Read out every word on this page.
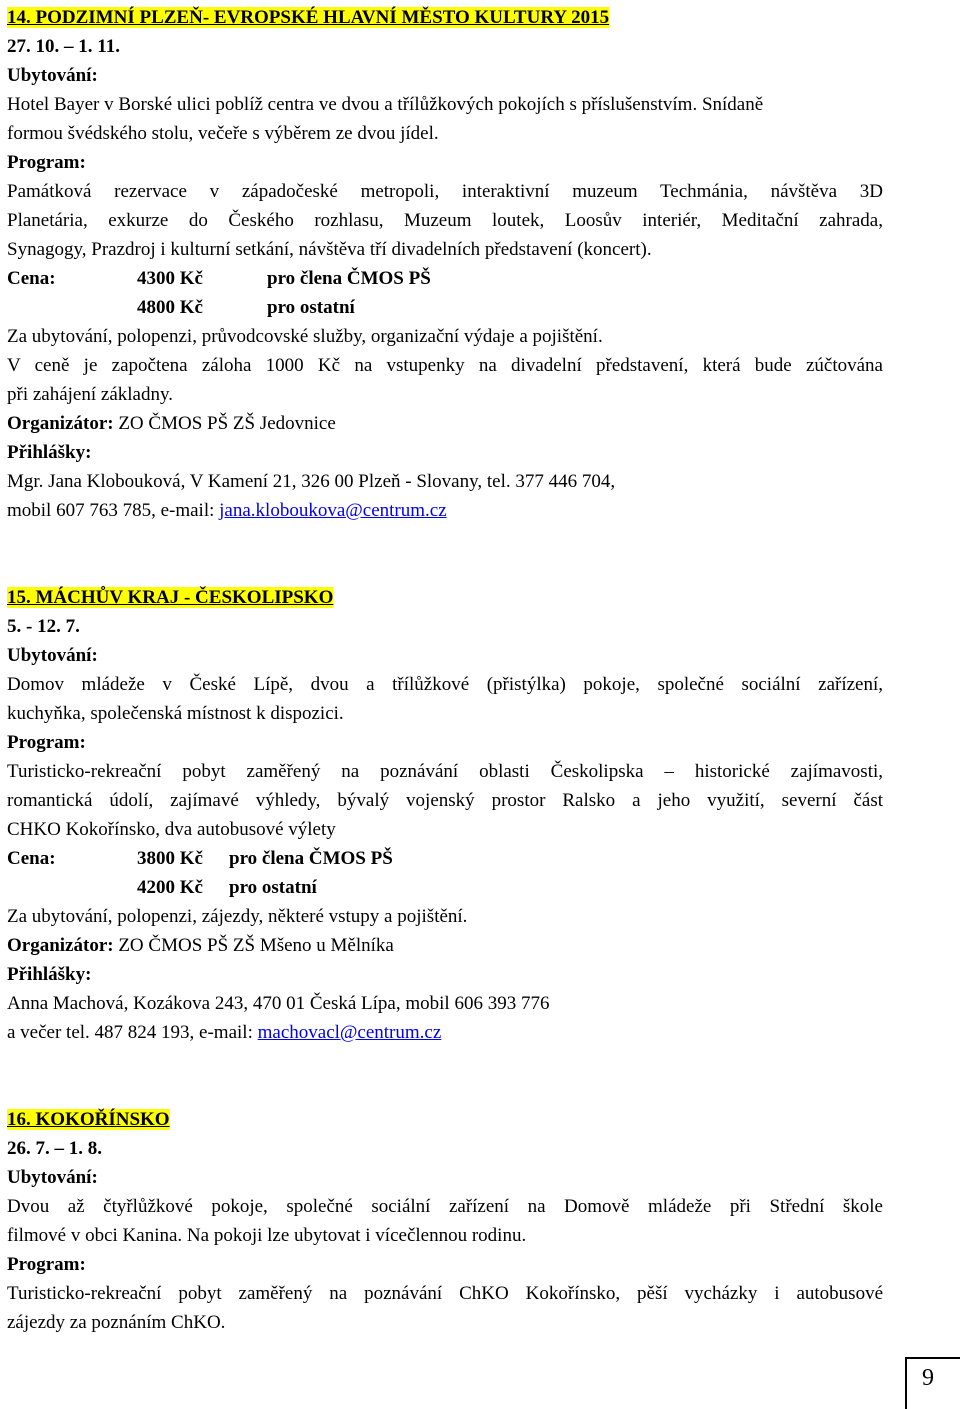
14. PODZIMNÍ PLZEŇ- EVROPSKÉ HLAVNÍ MĚSTO KULTURY 2015
27. 10. – 1. 11.
Ubytování:
Hotel Bayer v Borské ulici poblíž centra ve dvou a třílůžkových pokojích s příslušenstvím. Snídaně
formou švédského stolu, večeře s výběrem ze dvou jídel.
Program:
Památková rezervace v západočeské metropoli, interaktivní muzeum Techmánia, návštěva 3D
Planetária, exkurze do Českého rozhlasu, Muzeum loutek, Loosův interiér, Meditační zahrada,
Synagogy, Prazdroj i kulturní setkání, návštěva tří divadelních představení (koncert).
Cena:	4300 Kč	pro člena ČMOS PŠ
4800 Kč	pro ostatní
Za ubytování, polopenzi, průvodcovské služby, organizační výdaje a pojištění.
V ceně je započtena záloha 1000 Kč na vstupenky na divadelní představení, která bude zúčtována
při zahájení základny.
Organizátor: ZO ČMOS PŠ ZŠ Jedovnice
Přihlášky:
Mgr. Jana Klobouková, V Kamení 21, 326 00 Plzeň - Slovany, tel. 377 446 704,
mobil 607 763 785, e-mail: jana.kloboukova@centrum.cz
15. MÁCHŮV KRAJ - ČESKOLIPSKO
5. - 12. 7.
Ubytování:
Domov mládeže v České Lípě, dvou a třílůžkové (přistýlka) pokoje, společné sociální zařízení,
kuchyňka, společenská místnost k dispozici.
Program:
Turisticko-rekreační pobyt zaměřený na poznávání oblasti Českolipska – historické zajímavosti,
romantická údolí, zajímavé výhledy, bývalý vojenský prostor Ralsko a jeho využití, severní část
CHKO Kokořínsko, dva autobusové výlety
Cena:	3800 Kč pro člena ČMOS PŠ
4200 Kč pro ostatní
Za ubytování, polopenzi, zájezdy, některé vstupy a pojištění.
Organizátor: ZO ČMOS PŠ ZŠ Mšeno u Mělníka
Přihlášky:
Anna Machová, Kozákova 243, 470 01 Česká Lípa, mobil 606 393 776
a večer tel. 487 824 193, e-mail: machovacl@centrum.cz
16. KOKOŘÍNSKO
26. 7. – 1. 8.
Ubytování:
Dvou až čtyřlůžkové pokoje, společné sociální zařízení na Domově mládeže při Střední škole
filmové v obci Kanina. Na pokoji lze ubytovat i vícečlennou rodinu.
Program:
Turisticko-rekreační pobyt zaměřený na poznávání ChKO Kokořínsko, pěší vycházky i autobusové
zájezdy za poznáním ChKO.
9
